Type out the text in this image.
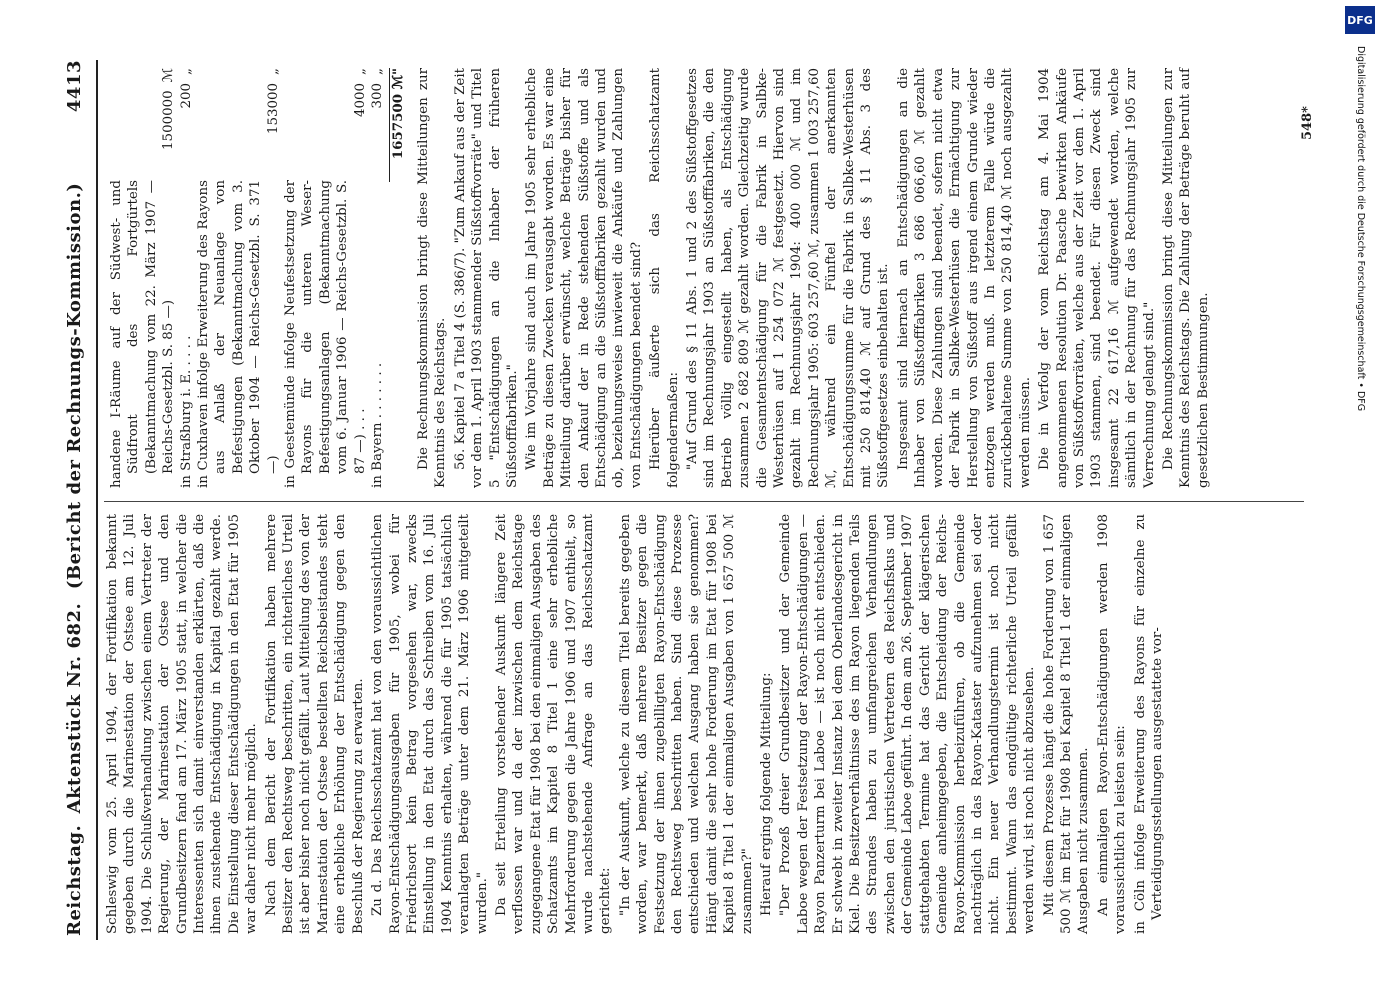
Reichstag.
Aktenstück Nr. 682.  (Bericht der Rechnungs-Kommission.)
4413

Schleswig vom 25. April 1904, der Fortifikation bekannt gegeben durch die Marinestation der Ostsee am 12. Juli 1904. Die Schlußverhandlung zwischen einem Vertreter der Regierung, der Marinestation der Ostsee und den Grundbesitzern fand am 17. März 1905 statt, in welcher die Interessenten sich damit einverstanden erklärten, daß die ihnen zustehende Entschädigung in Kapital gezahlt werde. Die Einstellung dieser Entschädigungen in den Etat für 1905 war daher nicht mehr möglich. Nach dem Bericht der Fortifikation haben mehrere Besitzer den Rechtsweg beschritten, ein richterliches Urteil ist aber bisher noch nicht gefällt. Laut Mitteilung des von der Marinestation der Ostsee bestellten Reichsbeistandes steht eine erhebliche Erhöhung der Entschädigung gegen den Beschluß der Regierung zu erwarten. Zu d. Das Reichsschatzamt hat von den voraussichtlichen Rayon-Entschädigungsausgaben für 1905, wobei für Friedrichsort kein Betrag vorgesehen war, zwecks Einstellung in den Etat durch das Schreiben vom 16. Juli 1904 Kenntnis erhalten, während die für 1905 tatsächlich veranlagten Beträge unter dem 21. März 1906 mitgeteilt wurden." Da seit Erteilung vorstehender Auskunft längere Zeit verflossen war und da der inzwischen dem Reichstage zugegangene Etat für 1908 bei den einmaligen Ausgaben des Schatzamts im Kapitel 8 Titel 1 eine sehr erhebliche Mehrforderung gegen die Jahre 1906 und 1907 enthielt, so wurde nachstehende Anfrage an das Reichsschatzamt gerichtet: "In der Auskunft, welche zu diesem Titel bereits gegeben worden, war bemerkt, daß mehrere Besitzer gegen die Festsetzung der ihnen zugebilligten Rayon-Entschädigung den Rechtsweg beschritten haben. Sind diese Prozesse entschieden und welchen Ausgang haben sie genommen? Hängt damit die sehr hohe Forderung im Etat für 1908 bei Kapitel 8 Titel 1 der einmaligen Ausgaben von 1 657 500 ℳ zusammen?" Hierauf erging folgende Mitteilung: "Der Prozeß dreier Grundbesitzer und der Gemeinde Laboe wegen der Festsetzung der Rayon-Entschädigungen — Rayon Panzerturm bei Laboe — ist noch nicht entschieden. Er schwebt in zweiter Instanz bei dem Oberlandesgericht in Kiel. Die Besitzerverhältnisse des im Rayon liegenden Teils des Strandes haben zu umfangreichen Verhandlungen zwischen den juristischen Vertretern des Reichsfiskus und der Gemeinde Laboe geführt. In dem am 26. September 1907 stattgehabten Termine hat das Gericht der klägerischen Gemeinde anheimgegeben, die Entscheidung der Reichs-Rayon-Kommission herbeizuführen, ob die Gemeinde nachträglich in das Rayon-Kataster aufzunehmen sei oder nicht. Ein neuer Verhandlungstermin ist noch nicht bestimmt. Wann das endgültige richterliche Urteil gefällt werden wird, ist noch nicht abzusehen. Mit diesem Prozesse hängt die hohe Forderung von 1 657 500 ℳ im Etat für 1908 bei Kapitel 8 Titel 1 der einmaligen Ausgaben nicht zusammen. An einmaligen Rayon-Entschädigungen werden 1908 voraussichtlich zu leisten sein: in Cöln infolge Erweiterung des Rayons für einzelne zu Verteidigungsstellungen ausgestattete vor-

handene I-Räume auf der Südwest- und Südfront des Fortgürtels (Bekanntmachung vom 22. März 1907 — Reichs-Gesetzbl. S. 85 —)
1500000
ℳ
in Straßburg i. E. . . . .
200
„
in Cuxhaven infolge Erweiterung des Rayons aus Anlaß der Neuanlage von Befestigungen (Bekanntmachung vom 3. Oktober 1904 — Reichs-Gesetzbl. S. 371 —)
153000
„
in Geestemünde infolge Neufestsetzung der Rayons für die unteren Weser-Befestigungsanlagen (Bekanntmachung vom 6. Januar 1906 — Reichs-Gesetzbl. S. 87 —) . . .
4000
„
in Bayern . . . . . . .
300
„ 1657500 ℳ" Die Rechnungskommission bringt diese Mitteilungen zur Kenntnis des Reichstags. 56. Kapitel 7 a Titel 4 (S. 386/7). "Zum Ankauf aus der Zeit vor dem 1. April 1903 stammender Süßstoffvorräte" und Titel 5 "Entschädigungen an die Inhaber der früheren Süßstofffabriken." Wie im Vorjahre sind auch im Jahre 1905 sehr erhebliche Beträge zu diesen Zwecken verausgabt worden. Es war eine Mitteilung darüber erwünscht, welche Beträge bisher für den Ankauf der in Rede stehenden Süßstoffe und als Entschädigung an die Süßstofffabriken gezahlt wurden und ob, beziehungsweise inwieweit die Ankäufe und Zahlungen von Entschädigungen beendet sind? Hierüber äußerte sich das Reichsschatzamt folgendermaßen: "Auf Grund des § 11 Abs. 1 und 2 des Süßstoffgesetzes sind im Rechnungsjahr 1903 an Süßstofffabriken, die den Betrieb völlig eingestellt haben, als Entschädigung zusammen 2 682 809 ℳ gezahlt worden. Gleichzeitig wurde die Gesamtentschädigung für die Fabrik in Salbke-Westerhüsen auf 1 254 072 ℳ festgesetzt. Hiervon sind gezahlt im Rechnungsjahr 1904: 400 000 ℳ und im Rechnungsjahr 1905: 603 257,60 ℳ, zusammen 1 003 257,60 ℳ, während ein Fünftel der anerkannten Entschädigungssumme für die Fabrik in Salbke-Westerhüsen mit 250 814,40 ℳ auf Grund des § 11 Abs. 3 des Süßstoffgesetzes einbehalten ist. Insgesamt sind hiernach an Entschädigungen an die Inhaber von Süßstofffabriken 3 686 066,60 ℳ gezahlt worden. Diese Zahlungen sind beendet, sofern nicht etwa der Fabrik in Salbke-Westerhüsen die Ermächtigung zur Herstellung von Süßstoff aus irgend einem Grunde wieder entzogen werden muß. In letzterem Falle würde die zurückbehaltene Summe von 250 814,40 ℳ noch ausgezahlt werden müssen. Die in Verfolg der vom Reichstag am 4. Mai 1904 angenommenen Resolution Dr. Paasche bewirkten Ankäufe von Süßstoffvorräten, welche aus der Zeit vor dem 1. April 1903 stammen, sind beendet. Für diesen Zweck sind insgesamt 22 617,16 ℳ aufgewendet worden, welche sämtlich in der Rechnung für das Rechnungsjahr 1905 zur Verrechnung gelangt sind." Die Rechnungskommission bringt diese Mitteilungen zur Kenntnis des Reichstags. Die Zahlung der Beträge beruht auf gesetzlichen Bestimmungen.

548*
DFG
Digitalisierung gefördert durch die Deutsche Forschungsgemeinschaft • DFG
